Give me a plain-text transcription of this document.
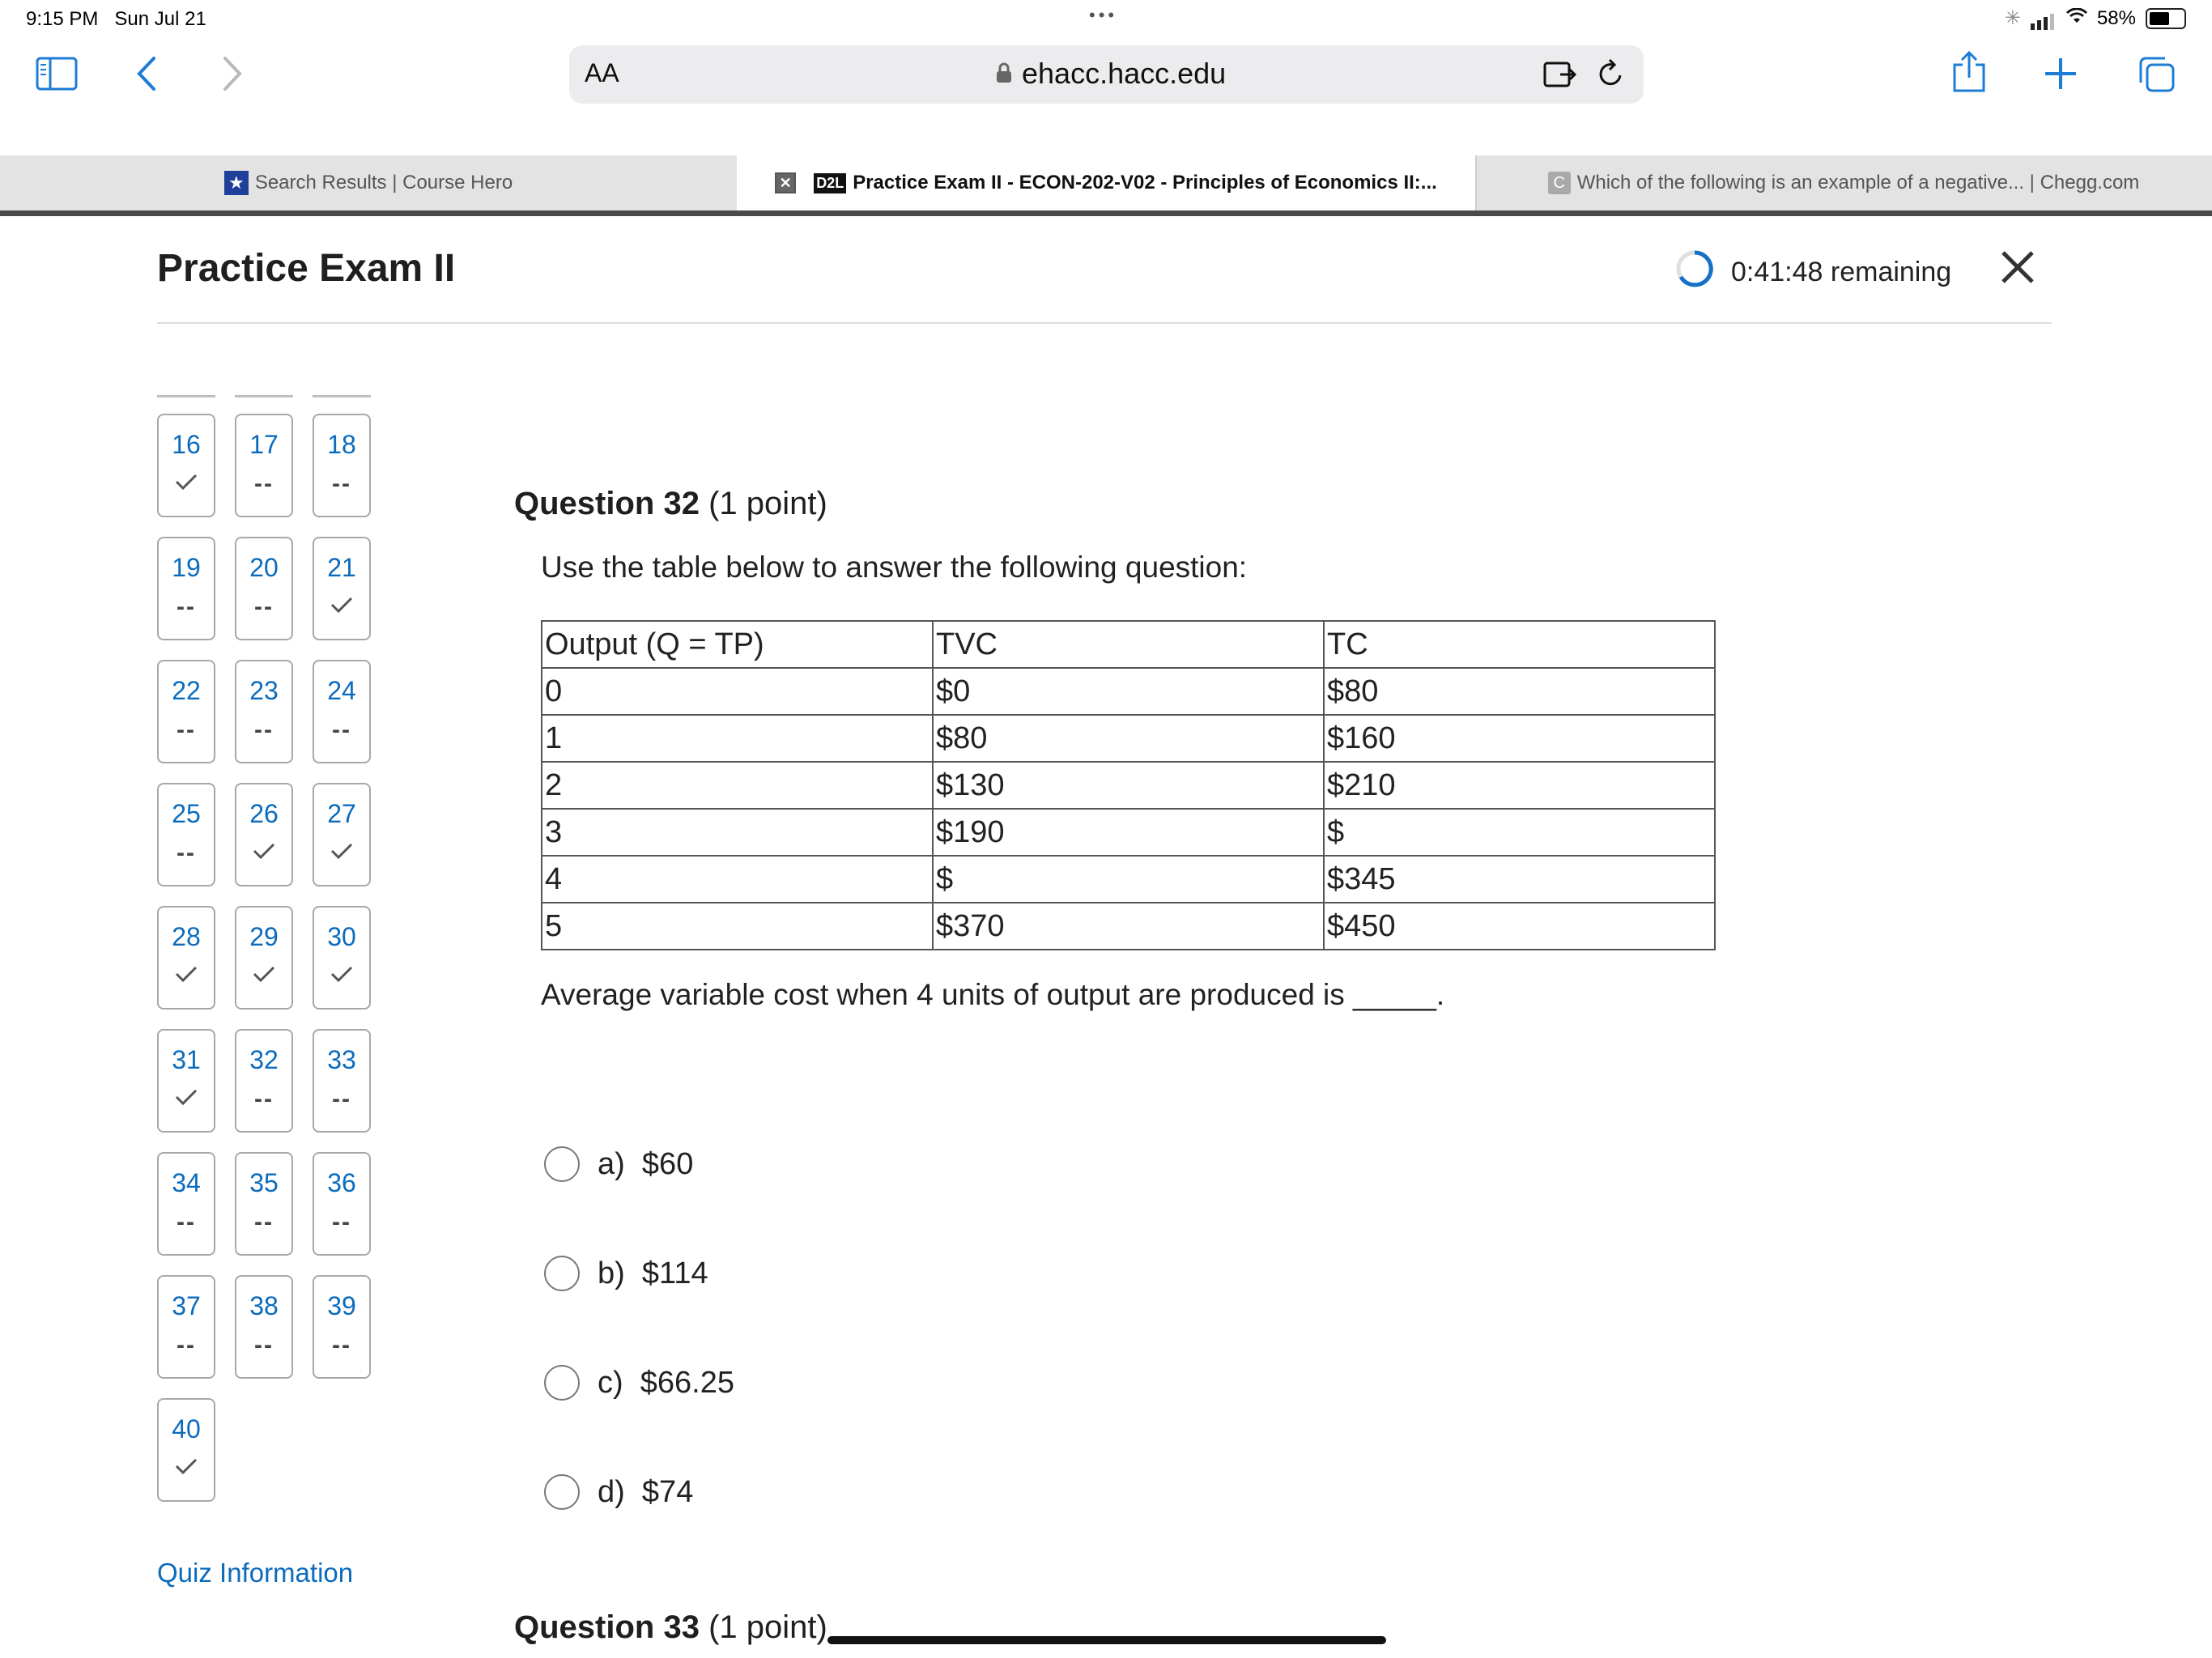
9:15 PM Sun Jul 21	•••	✳	58%
AA	ehacc.hacc.edu
★ Search Results | Course Hero	✕	D2L Practice Exam II - ECON-202-V02 - Principles of Economics II:...	C Which of the following is an example of a negative... | Chegg.com
Practice Exam II	0:41:48 remaining
16	17
--
18
--
19
--
20
--
21
22
--
23
--
24
--
25
--
26	27
28	29	30
31	32
--
33
--
34
--
35
--
36
--
37
--
38
--
39
--
40
Quiz Information
Question 32 (1 point)
Use the table below to answer the following question:
Output (Q = TP)	TVC	TC
0	$0	$80
1	$80	$160
2	$130	$210
3	$190	$
4	$	$345
5	$370	$450
Average variable cost when 4 units of output are produced is _____.
a) $60
b) $114
c) $66.25
d) $74
Question 33 (1 point)
